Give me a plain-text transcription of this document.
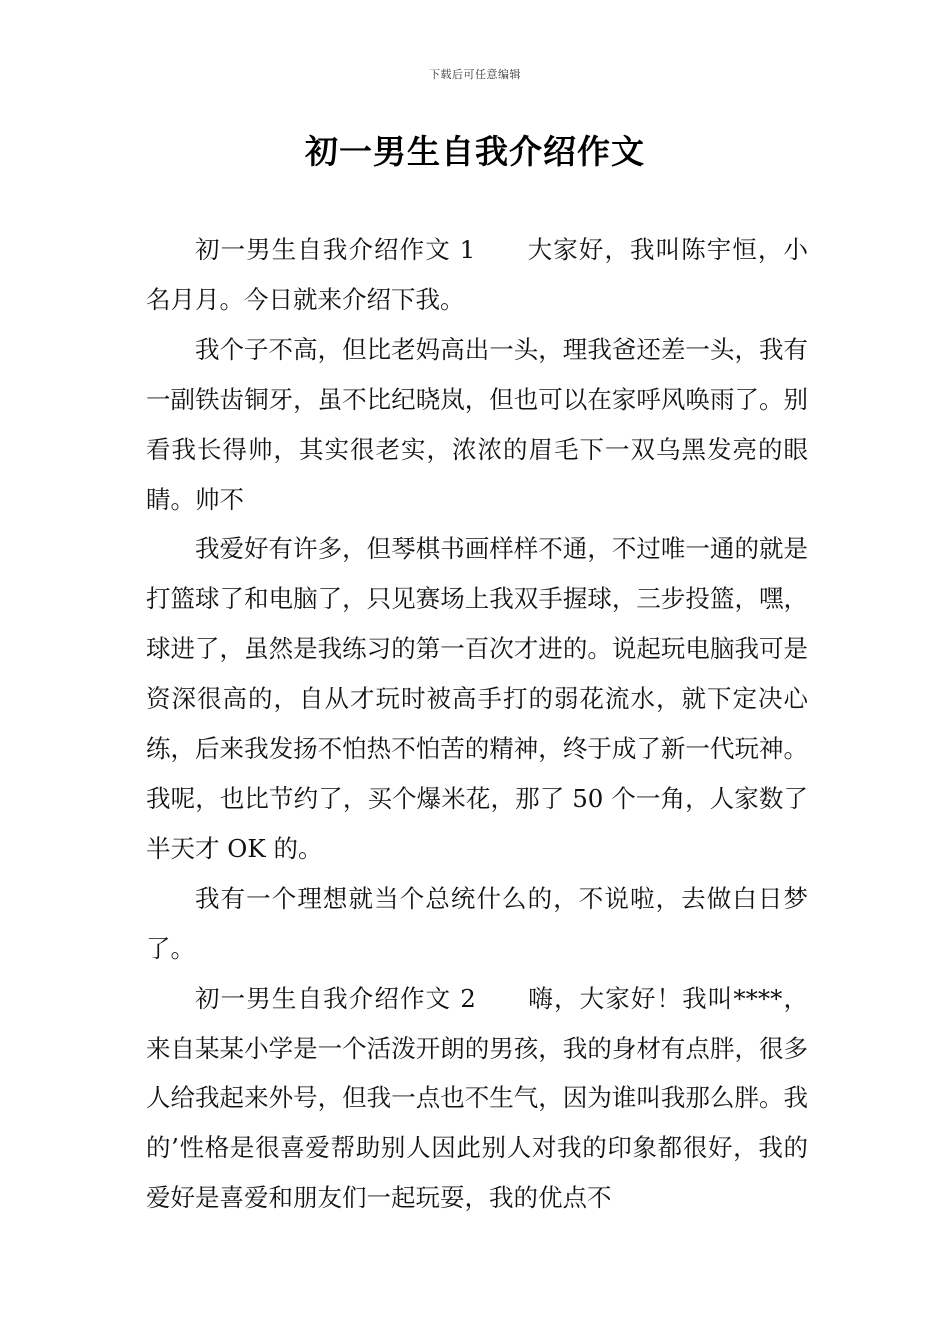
下载后可任意编辑
初一男生自我介绍作文

初一男生自我介绍作文 1 大家好，我叫陈宇恒，小名月月。今日就来介绍下我。

我个子不高，但比老妈高出一头，理我爸还差一头，我有一副铁齿铜牙，虽不比纪晓岚，但也可以在家呼风唤雨了。别看我长得帅，其实很老实，浓浓的眉毛下一双乌黑发亮的眼睛。帅不

我爱好有许多，但琴棋书画样样不通，不过唯一通的就是打篮球了和电脑了，只见赛场上我双手握球，三步投篮，嘿，球进了，虽然是我练习的第一百次才进的。说起玩电脑我可是资深很高的，自从才玩时被高手打的弱花流水，就下定决心练，后来我发扬不怕热不怕苦的精神，终于成了新一代玩神。我呢，也比节约了，买个爆米花，那了 50 个一角，人家数了半天才 OK 的。

我有一个理想就当个总统什么的，不说啦，去做白日梦了。

初一男生自我介绍作文 2 嗨，大家好！我叫****，来自某某小学是一个活泼开朗的男孩，我的身材有点胖，很多人给我起来外号，但我一点也不生气，因为谁叫我那么胖。我的’性格是很喜爱帮助别人因此别人对我的印象都很好，我的爱好是喜爱和朋友们一起玩耍，我的优点不
